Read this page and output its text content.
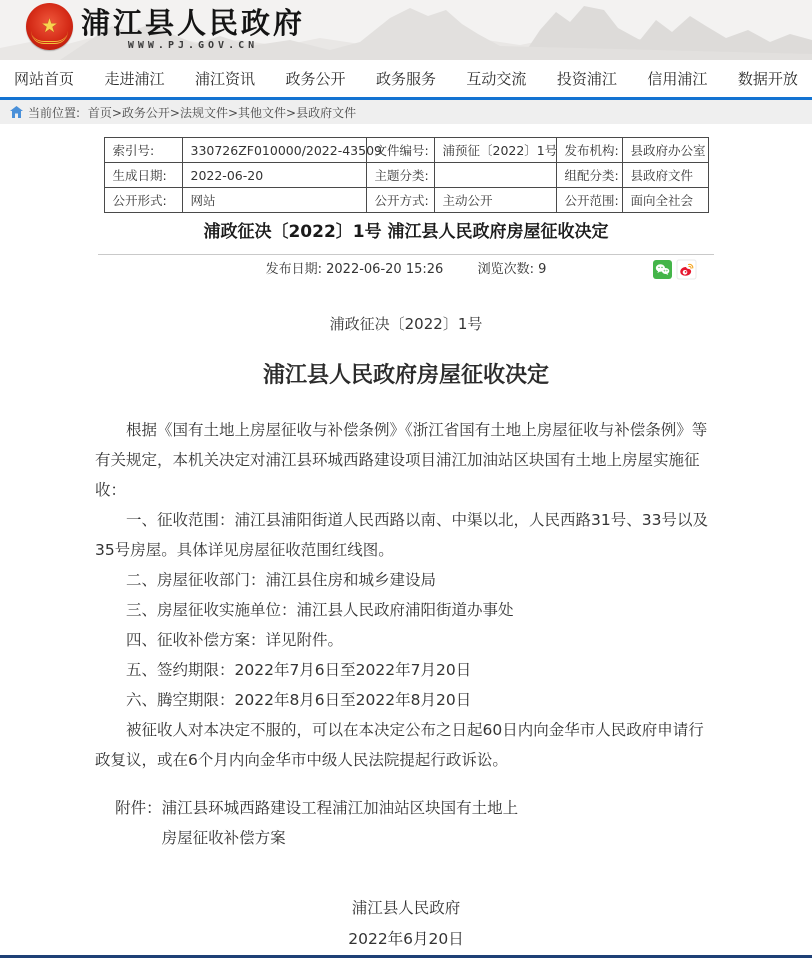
★ 浦江县人民政府
WWW.PJ.GOV.CN
网站首页 走进浦江 浦江资讯 政务公开 政务服务 互动交流 投资浦江 信用浦江 数据开放
当前位置: 首页>政务公开>法规文件>其他文件>县政府文件
索引号:	330726ZF010000/2022-43509	文件编号:	浦预征〔2022〕1号	发布机构:	县政府办公室
生成日期:	2022-06-20	主题分类:		组配分类:	县政府文件
公开形式:	网站	公开方式:	主动公开	公开范围:	面向全社会
浦政征决〔2022〕1号 浦江县人民政府房屋征收决定
发布日期: 2022-06-20 15:26	浏览次数: 9
浦政征决〔2022〕1号
浦江县人民政府房屋征收决定

根据《国有土地上房屋征收与补偿条例》《浙江省国有土地上房屋征收与补偿条例》等有关规定，本机关决定对浦江县环城西路建设项目浦江加油站区块国有土地上房屋实施征收：

一、征收范围：浦江县浦阳街道人民西路以南、中渠以北，人民西路31号、33号以及35号房屋。具体详见房屋征收范围红线图。

二、房屋征收部门：浦江县住房和城乡建设局

三、房屋征收实施单位：浦江县人民政府浦阳街道办事处

四、征收补偿方案：详见附件。

五、签约期限：2022年7月6日至2022年7月20日

六、腾空期限：2022年8月6日至2022年8月20日

被征收人对本决定不服的，可以在本决定公布之日起60日内向金华市人民政府申请行政复议，或在6个月内向金华市中级人民法院提起行政诉讼。

附件：浦江县环城西路建设工程浦江加油站区块国有土地上
房屋征收补偿方案
浦江县人民政府
2022年6月20日
